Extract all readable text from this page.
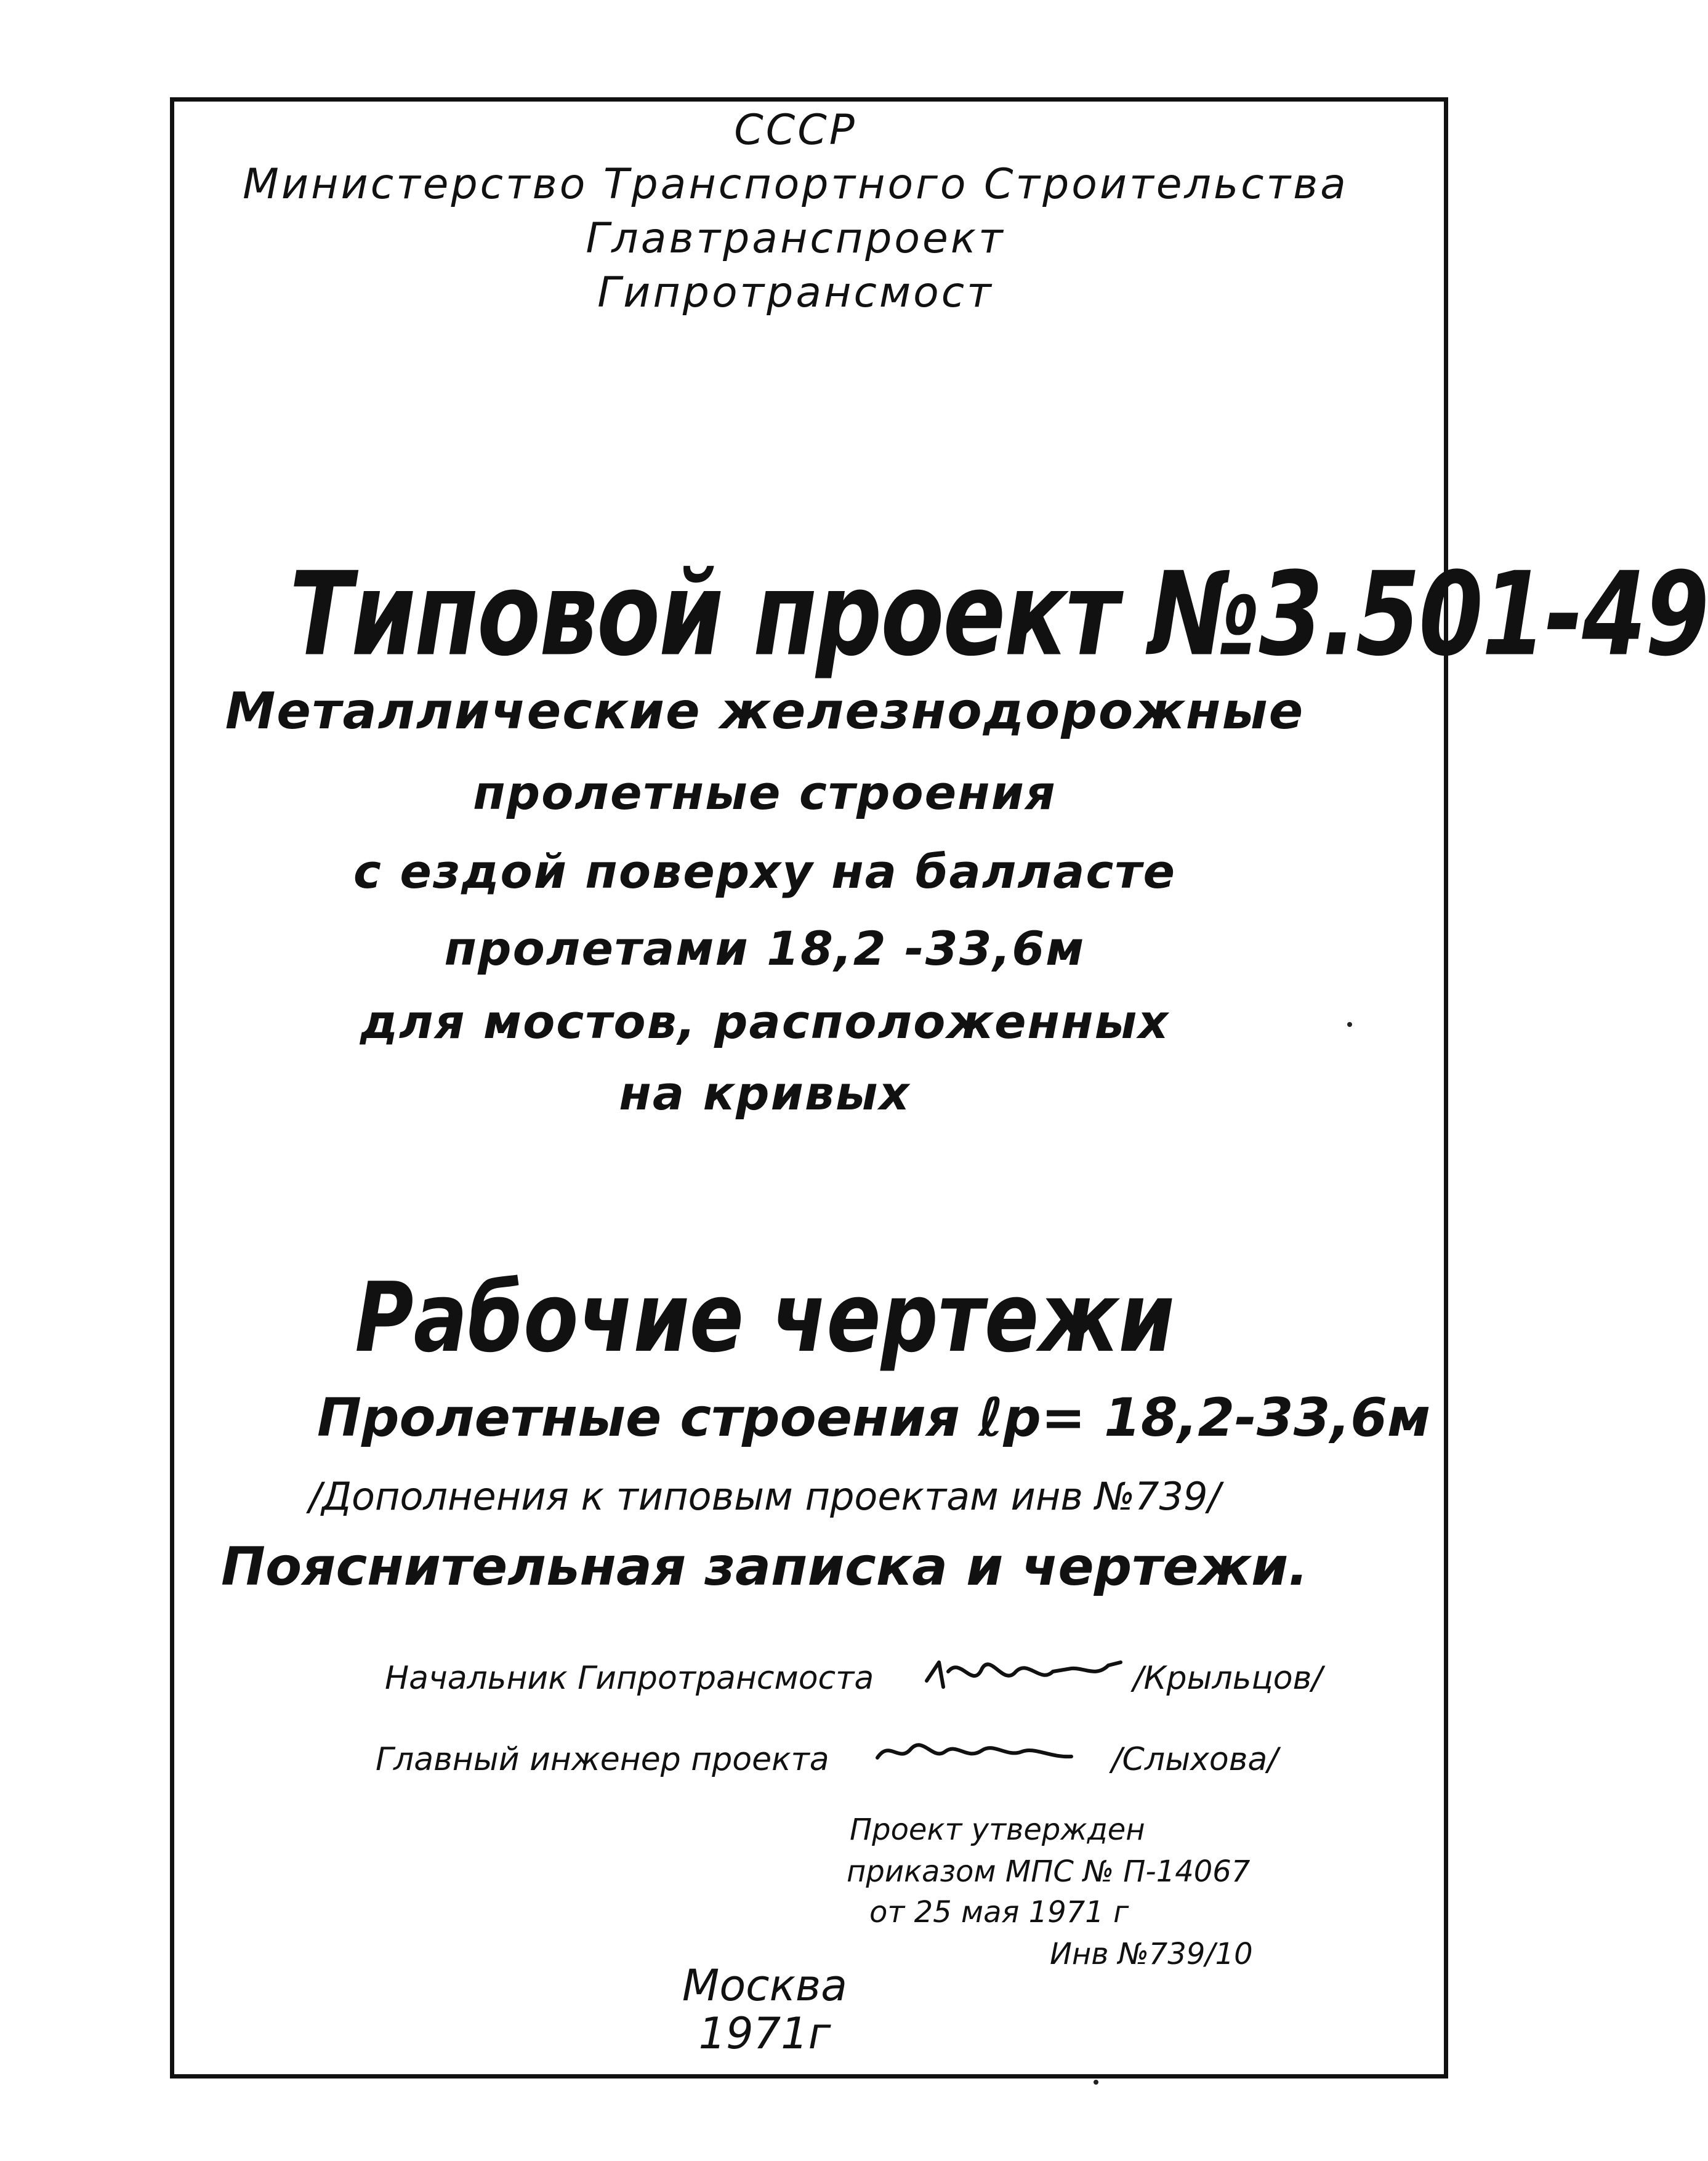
СССР
Министерство Транспортного Строительства
Главтранспроект
Гипротрансмост
Типовой проект №3.501-49
Металлические железнодорожные
пролетные строения
с ездой поверху на балласте
пролетами 18,2 -33,6м
для мостов, расположенных
на кривых
Рабочие чертежи
Пролетные строения ℓр= 18,2-33,6м
/Дополнения к типовым проектам инв №739/
Пояснительная записка и чертежи.
Начальник Гипротрансмоста	/Крыльцов/
Главный инженер проекта	/Слыхова/
Проект утвержден
приказом МПС № П-14067
от 25 мая 1971 г
Инв №739/10
Москва
1971г
